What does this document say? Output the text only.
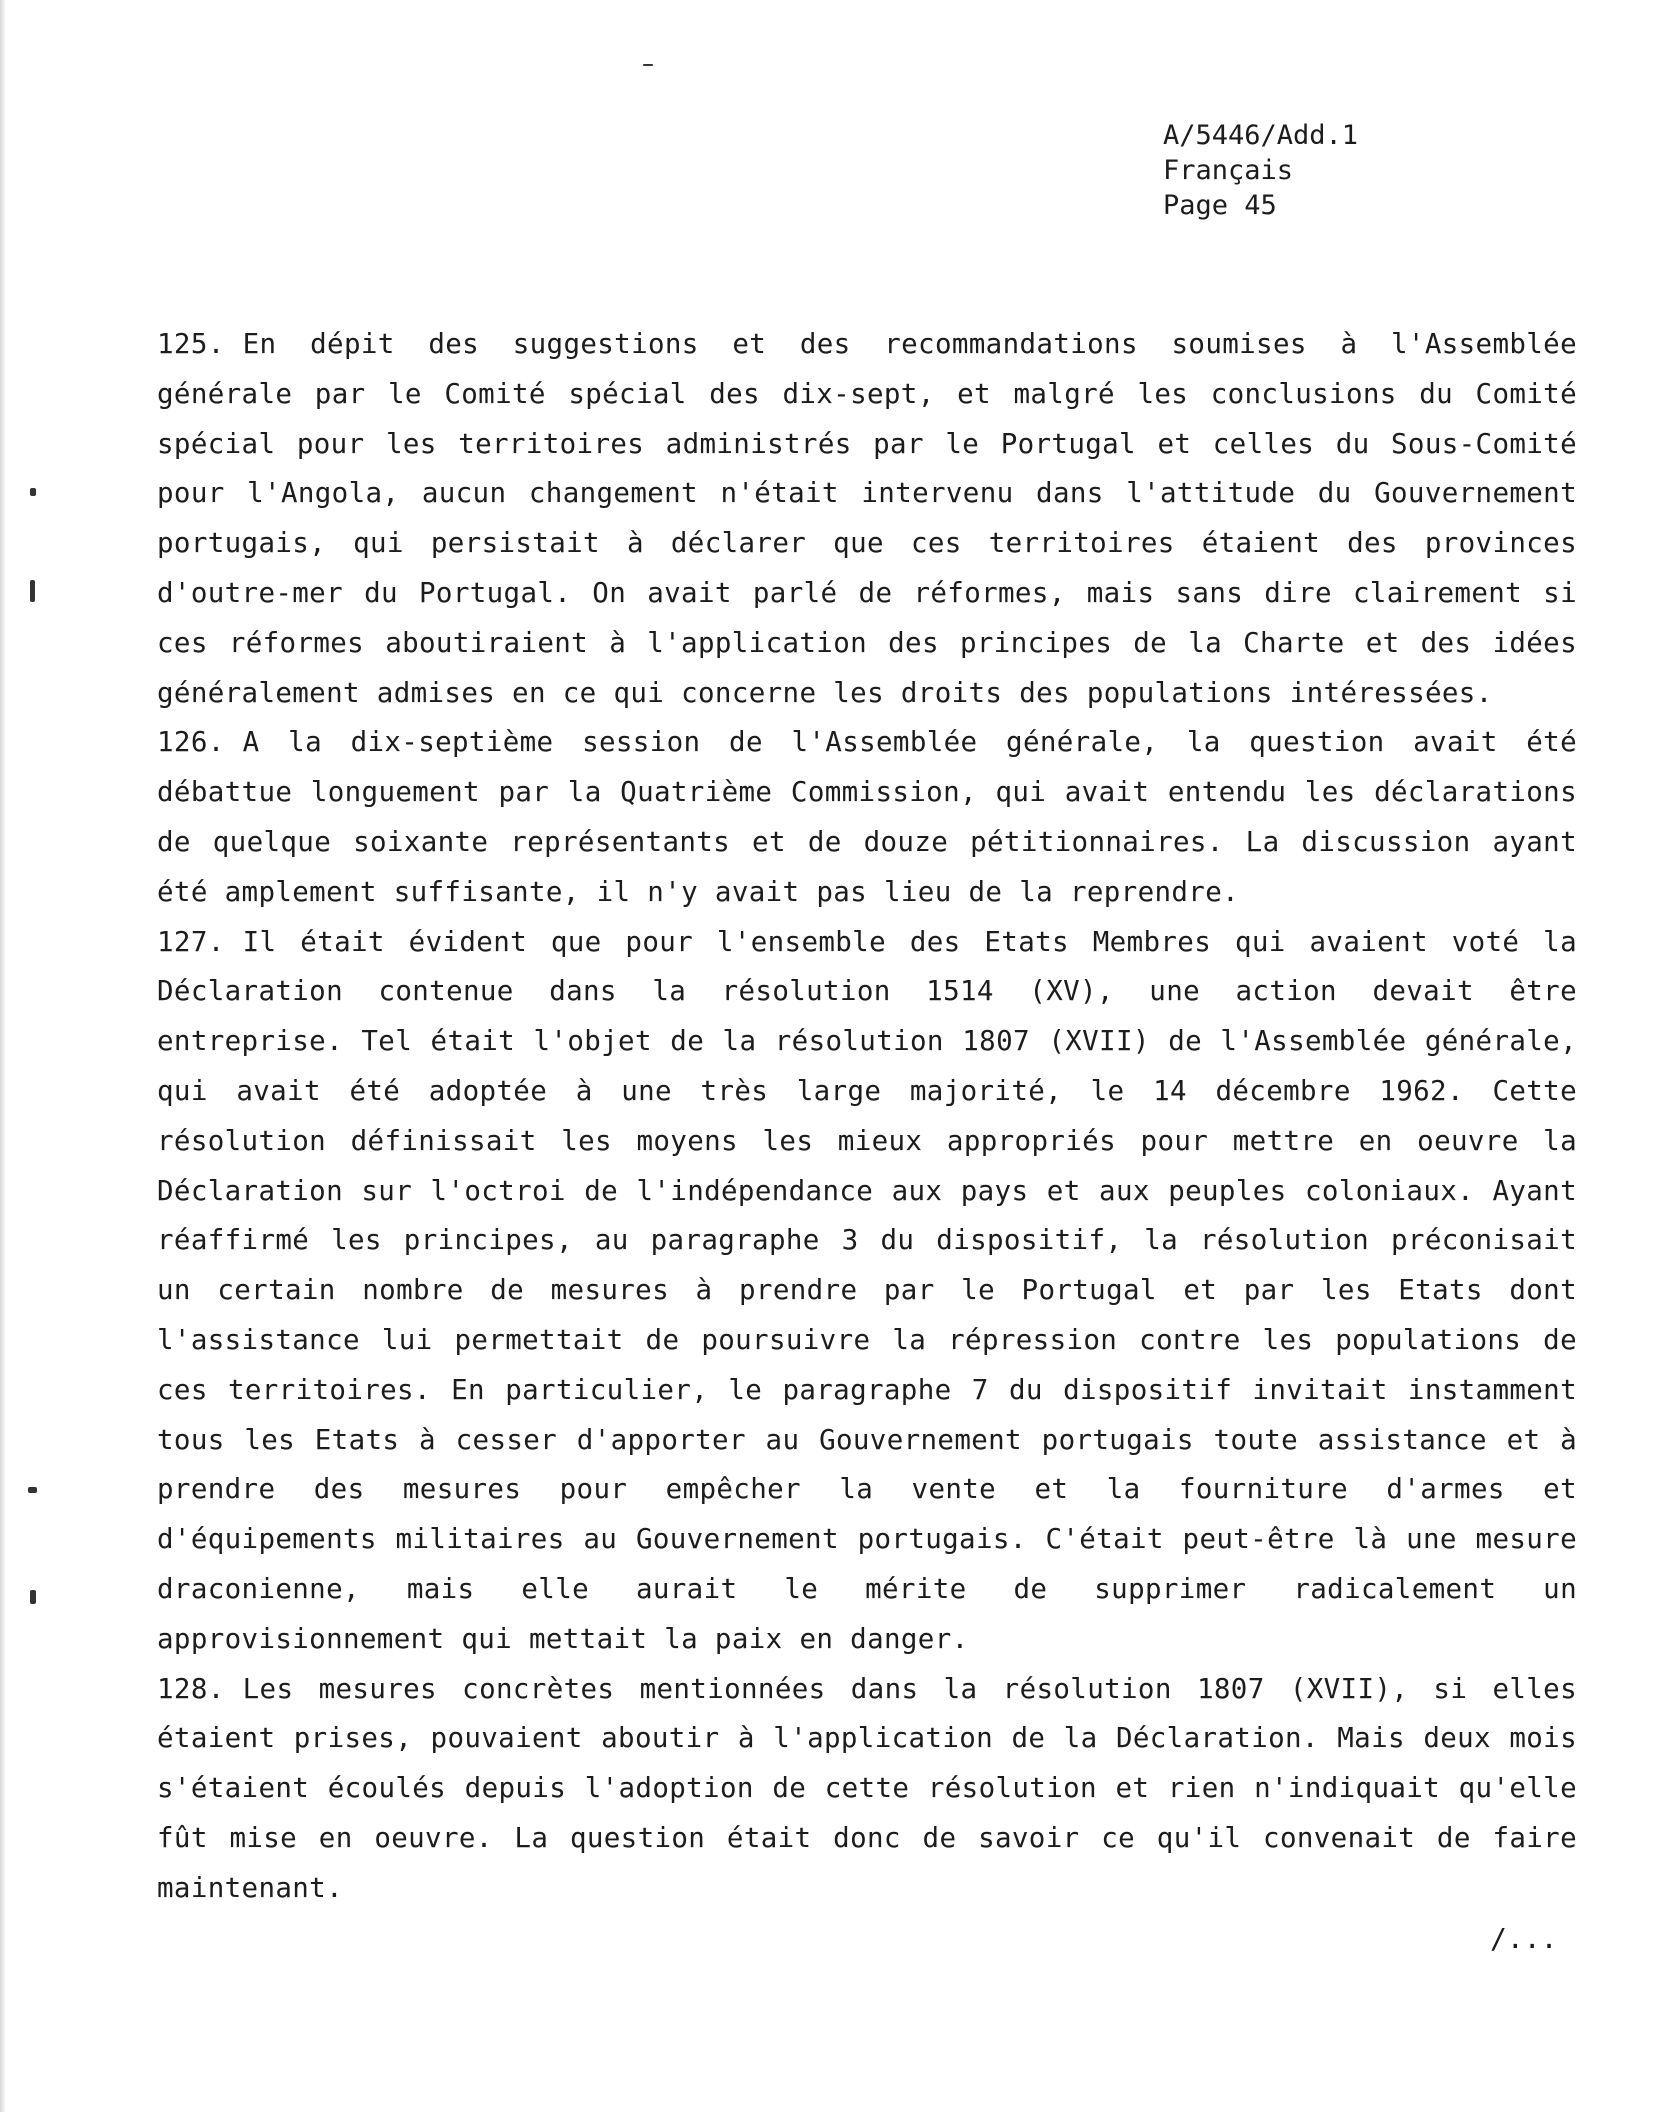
A/5446/Add.1
Français
Page 45

125. En dépit des suggestions et des recommandations soumises à l'Assemblée générale par le Comité spécial des dix-sept, et malgré les conclusions du Comité spécial pour les territoires administrés par le Portugal et celles du Sous-Comité pour l'Angola, aucun changement n'était intervenu dans l'attitude du Gouvernement portugais, qui persistait à déclarer que ces territoires étaient des provinces d'outre-mer du Portugal. On avait parlé de réformes, mais sans dire clairement si ces réformes aboutiraient à l'application des principes de la Charte et des idées généralement admises en ce qui concerne les droits des populations intéressées.

126. A la dix-septième session de l'Assemblée générale, la question avait été débattue longuement par la Quatrième Commission, qui avait entendu les déclarations de quelque soixante représentants et de douze pétitionnaires. La discussion ayant été amplement suffisante, il n'y avait pas lieu de la reprendre.

127. Il était évident que pour l'ensemble des Etats Membres qui avaient voté la Déclaration contenue dans la résolution 1514 (XV), une action devait être entreprise. Tel était l'objet de la résolution 1807 (XVII) de l'Assemblée générale, qui avait été adoptée à une très large majorité, le 14 décembre 1962. Cette résolution définissait les moyens les mieux appropriés pour mettre en oeuvre la Déclaration sur l'octroi de l'indépendance aux pays et aux peuples coloniaux. Ayant réaffirmé les principes, au paragraphe 3 du dispositif, la résolution préconisait un certain nombre de mesures à prendre par le Portugal et par les Etats dont l'assistance lui permettait de poursuivre la répression contre les populations de ces territoires. En particulier, le paragraphe 7 du dispositif invitait instamment tous les Etats à cesser d'apporter au Gouvernement portugais toute assistance et à prendre des mesures pour empêcher la vente et la fourniture d'armes et d'équipements militaires au Gouvernement portugais. C'était peut-être là une mesure draconienne, mais elle aurait le mérite de supprimer radicalement un approvisionnement qui mettait la paix en danger.

128. Les mesures concrètes mentionnées dans la résolution 1807 (XVII), si elles étaient prises, pouvaient aboutir à l'application de la Déclaration. Mais deux mois s'étaient écoulés depuis l'adoption de cette résolution et rien n'indiquait qu'elle fût mise en oeuvre. La question était donc de savoir ce qu'il convenait de faire maintenant.

/...
